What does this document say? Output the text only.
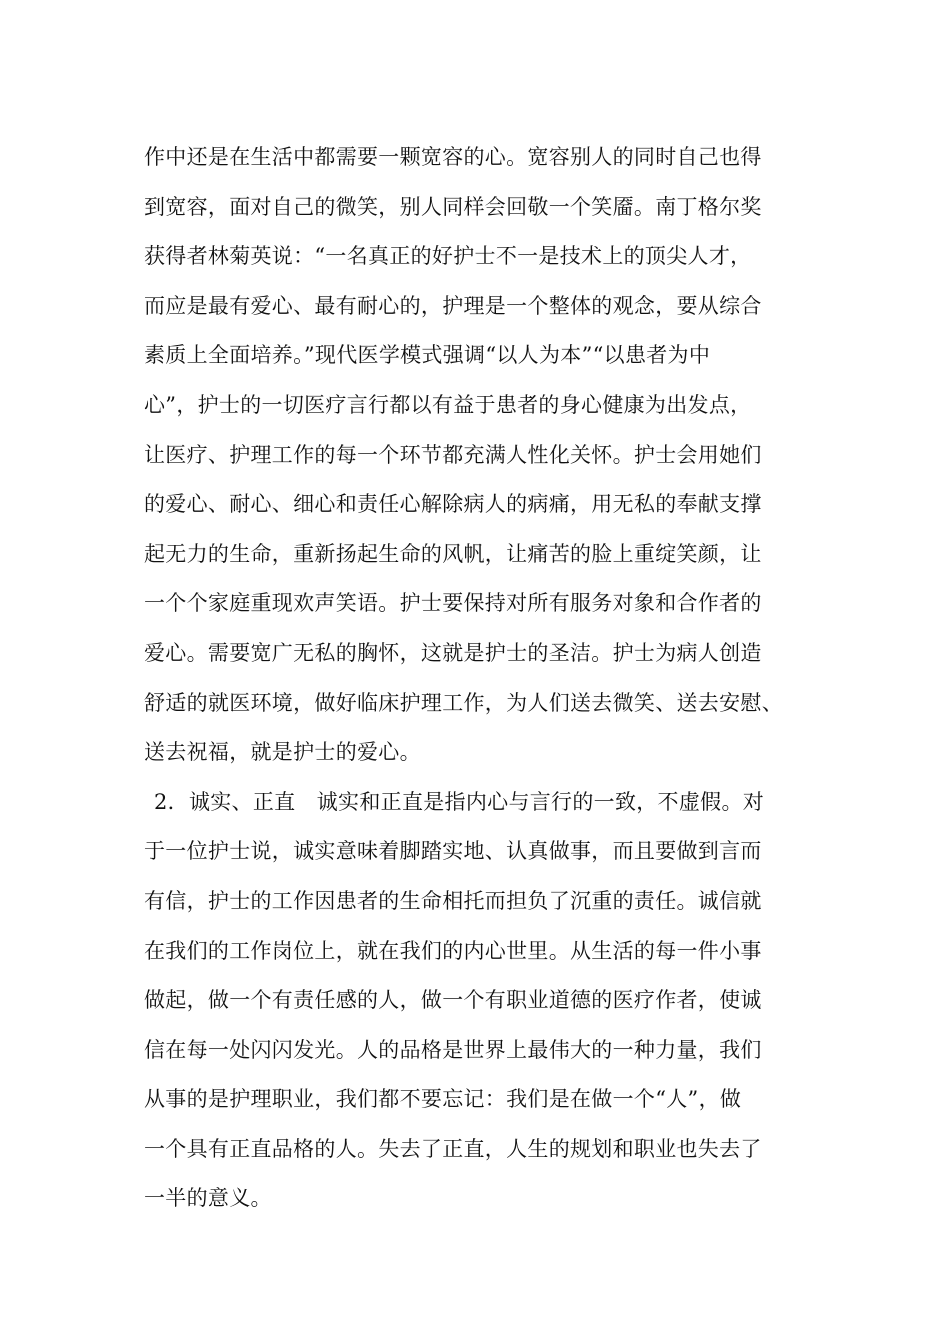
作中还是在生活中都需要一颗宽容的心。宽容别人的同时自己也得
到宽容，面对自己的微笑，别人同样会回敬一个笑靥。南丁格尔奖
获得者林菊英说：“一名真正的好护士不一是技术上的顶尖人才，
而应是最有爱心、最有耐心的，护理是一个整体的观念，要从综合
素质上全面培养。”现代医学模式强调“以人为本”“以患者为中
心”，护士的一切医疗言行都以有益于患者的身心健康为出发点，
让医疗、护理工作的每一个环节都充满人性化关怀。护士会用她们
的爱心、耐心、细心和责任心解除病人的病痛，用无私的奉献支撑
起无力的生命，重新扬起生命的风帆，让痛苦的脸上重绽笑颜，让
一个个家庭重现欢声笑语。护士要保持对所有服务对象和合作者的
爱心。需要宽广无私的胸怀，这就是护士的圣洁。护士为病人创造
舒适的就医环境，做好临床护理工作，为人们送去微笑、送去安慰、
送去祝福，就是护士的爱心。
2．诚实、正直　诚实和正直是指内心与言行的一致，不虚假。对
于一位护士说，诚实意味着脚踏实地、认真做事，而且要做到言而
有信，护士的工作因患者的生命相托而担负了沉重的责任。诚信就
在我们的工作岗位上，就在我们的内心世里。从生活的每一件小事
做起，做一个有责任感的人，做一个有职业道德的医疗作者，使诚
信在每一处闪闪发光。人的品格是世界上最伟大的一种力量，我们
从事的是护理职业，我们都不要忘记：我们是在做一个“人”，做
一个具有正直品格的人。失去了正直，人生的规划和职业也失去了
一半的意义。
